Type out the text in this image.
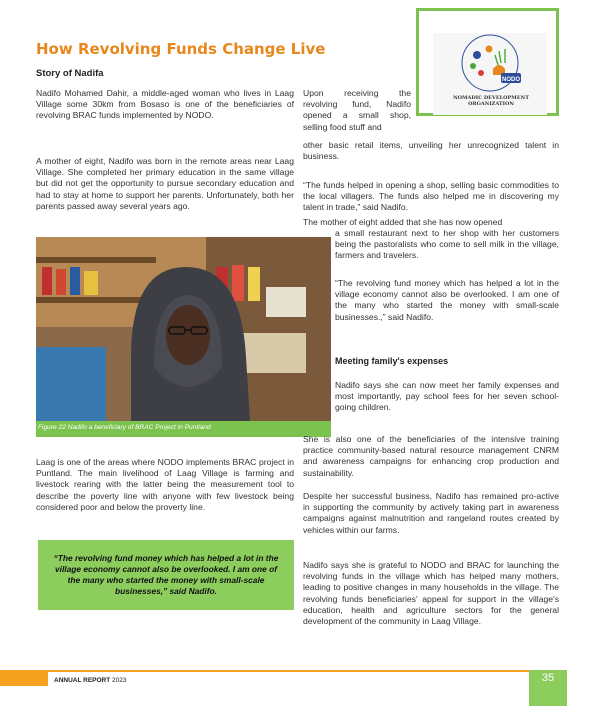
How Revolving Funds Change Live
Story of Nadifa
NODO
NOMADIC DEVELOPMENT
ORGANIZATION

Nadifo Mohamed Dahir, a middle-aged woman who lives in Laag Village some 30km from Bosaso is one of the beneficiaries of revolving BRAC funds implemented by NODO.

A mother of eight, Nadifo was born in the remote areas near Laag Village. She completed her primary education in the same village but did not get the opportunity to pursue secondary education and had to stay at home to support her parents. Unfortunately, both her parents passed away several years ago.

Figure 22 Nadifo a beneficiary of BRAC Project in Puntland

Laag is one of the areas where NODO implements BRAC project in Puntland. The main livelihood of Laag Village is farming and livestock rearing with the latter being the measurement tool to describe the poverty line with anyone with few livestock being considered poor and below the proverty line.

“The revolving fund money which has helped a lot in the village economy cannot also be overlooked. I am one of the many who started the money with small-scale businesses,” said Nadifo.

Upon receiving the revolving fund, Nadifo opened a small shop, selling food stuff and

other basic retail items, unveiling her unrecognized talent in business.

“The funds helped in opening a shop, selling basic commodities to the local villagers. The funds also helped me in discovering my talent in trade,” said Nadifo.

The mother of eight added that she has now opened

a small restaurant next to her shop with her customers being the pastoralists who come to sell milk in the village, farmers and travelers.

“The revolving fund money which has helped a lot in the village economy cannot also be overlooked. I am one of the many who started the money with small-scale businesses.,” said Nadifo.

Meeting family's expenses

Nadifo says she can now meet her family expenses and most importantly, pay school fees for her seven school-going children.

She is also one of the beneficiaries of the intensive training practice community-based natural resource management CNRM and awareness campaigns for enhancing crop production and sustainability.

Despite her successful business, Nadifo has remained pro-active in supporting the community by actively taking part in awareness campaigns against malnutrition and rangeland routes created by vehicles within our farms.

Nadifo says she is grateful to NODO and BRAC for launching the revolving funds in the village which has helped many mothers, leading to positive changes in many households in the village. The revolving funds beneficiaries' appeal for support in the village's education, health and agriculture sectors for the general development of the community in Laag Village.

ANNUAL REPORT 2023	35
